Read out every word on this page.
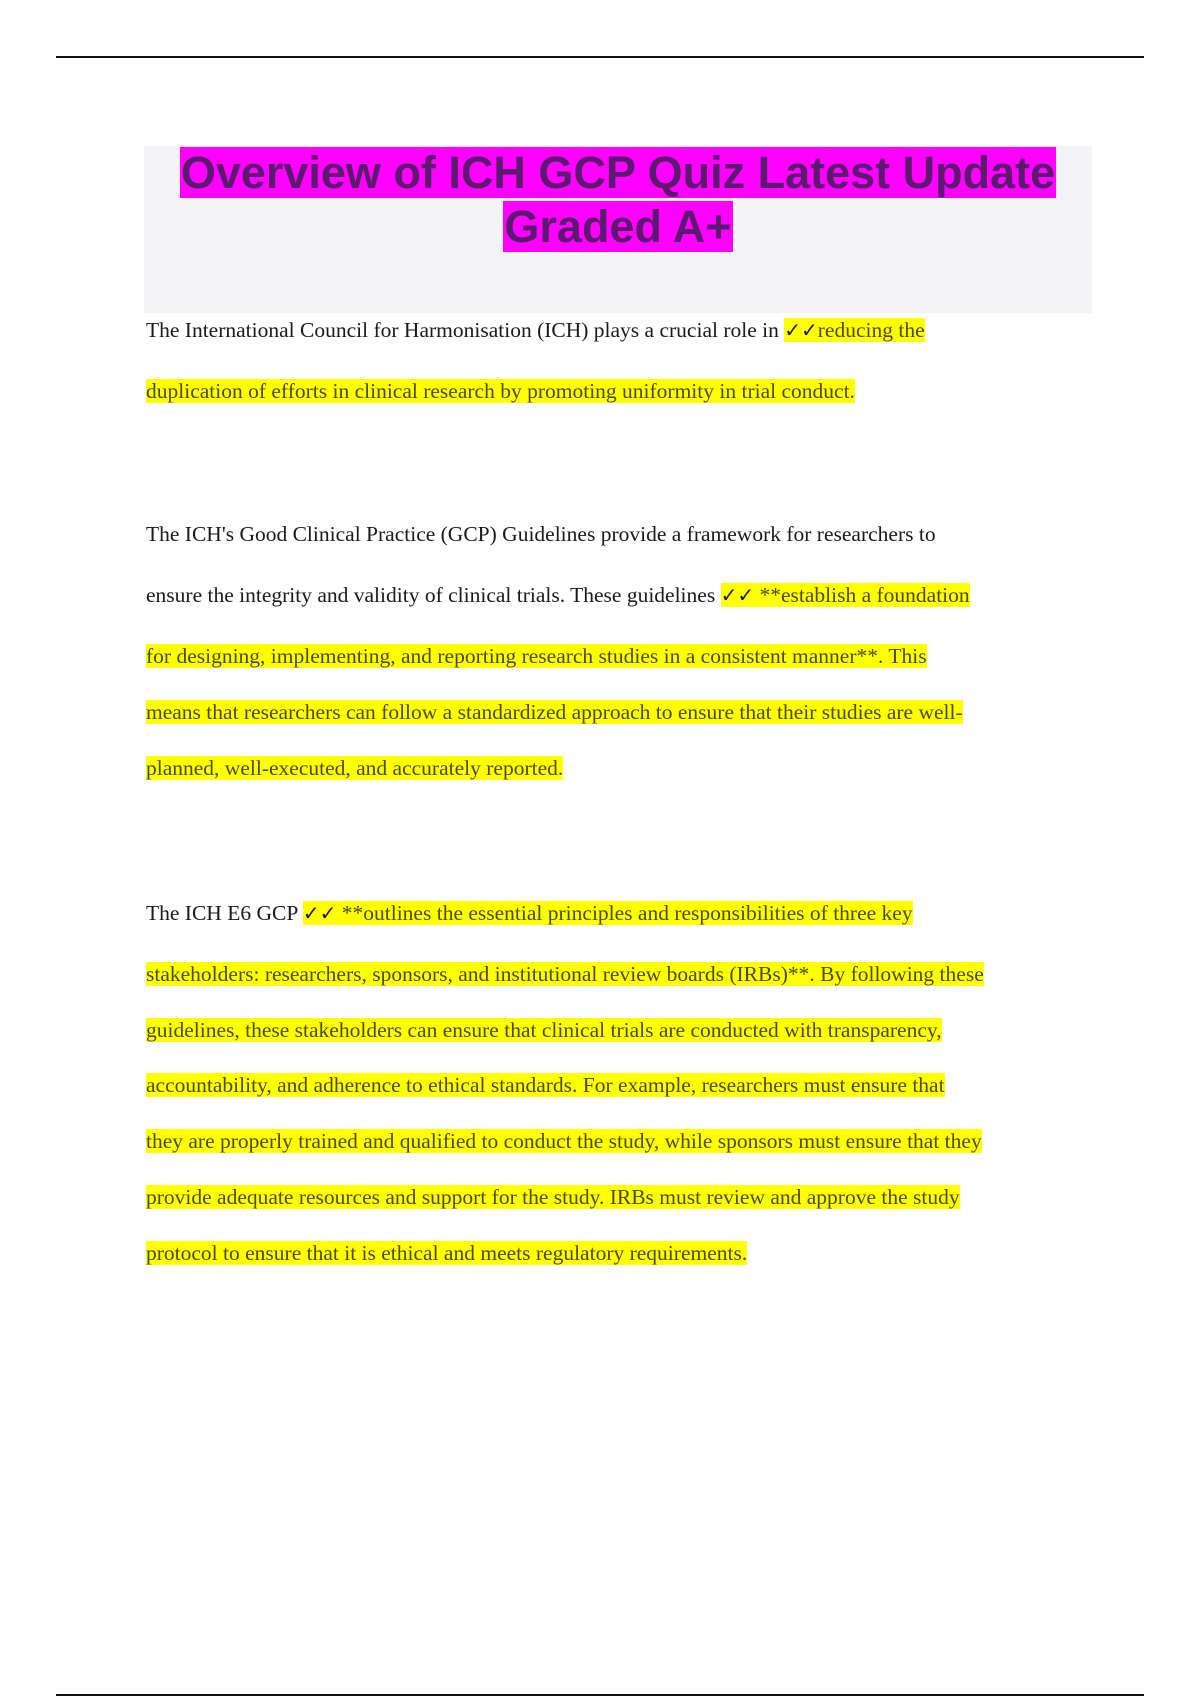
Overview of ICH GCP Quiz Latest Update
Graded A+
The International Council for Harmonisation (ICH) plays a crucial role in ✓✓reducing the
duplication of efforts in clinical research by promoting uniformity in trial conduct.
The ICH's Good Clinical Practice (GCP) Guidelines provide a framework for researchers to
ensure the integrity and validity of clinical trials. These guidelines ✓✓ **establish a foundation
for designing, implementing, and reporting research studies in a consistent manner**. This
means that researchers can follow a standardized approach to ensure that their studies are well-
planned, well-executed, and accurately reported.
The ICH E6 GCP ✓✓ **outlines the essential principles and responsibilities of three key
stakeholders: researchers, sponsors, and institutional review boards (IRBs)**. By following these
guidelines, these stakeholders can ensure that clinical trials are conducted with transparency,
accountability, and adherence to ethical standards. For example, researchers must ensure that
they are properly trained and qualified to conduct the study, while sponsors must ensure that they
provide adequate resources and support for the study. IRBs must review and approve the study
protocol to ensure that it is ethical and meets regulatory requirements.
